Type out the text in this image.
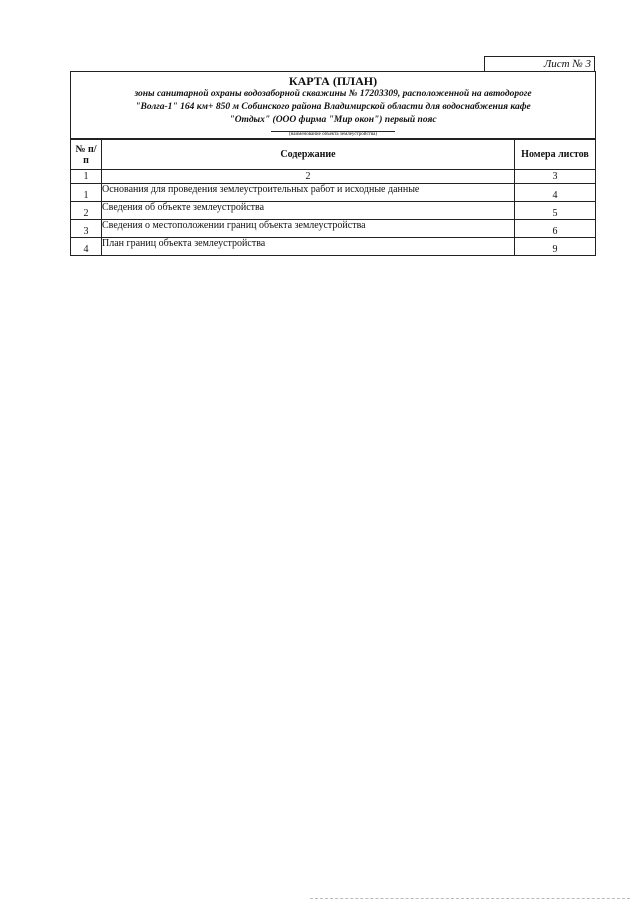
Лист № 3
КАРТА (ПЛАН)
зоны санитарной охраны водозаборной скважины № 17203309, расположенной на автодороге
"Волга-1" 164 км+ 850 м Собинского района Владимирской области для водоснабжения кафе
"Отдых" (ООО фирма "Мир окон") первый пояс
(наименование объекта землеустройства)
№ п/п	Содержание	Номера листов
1	2	3
1	Основания для проведения землеустроительных работ и исходные данные	4
2	Сведения об объекте землеустройства	5
3	Сведения о местоположении границ объекта землеустройства	6
4	План границ объекта землеустройства	9
